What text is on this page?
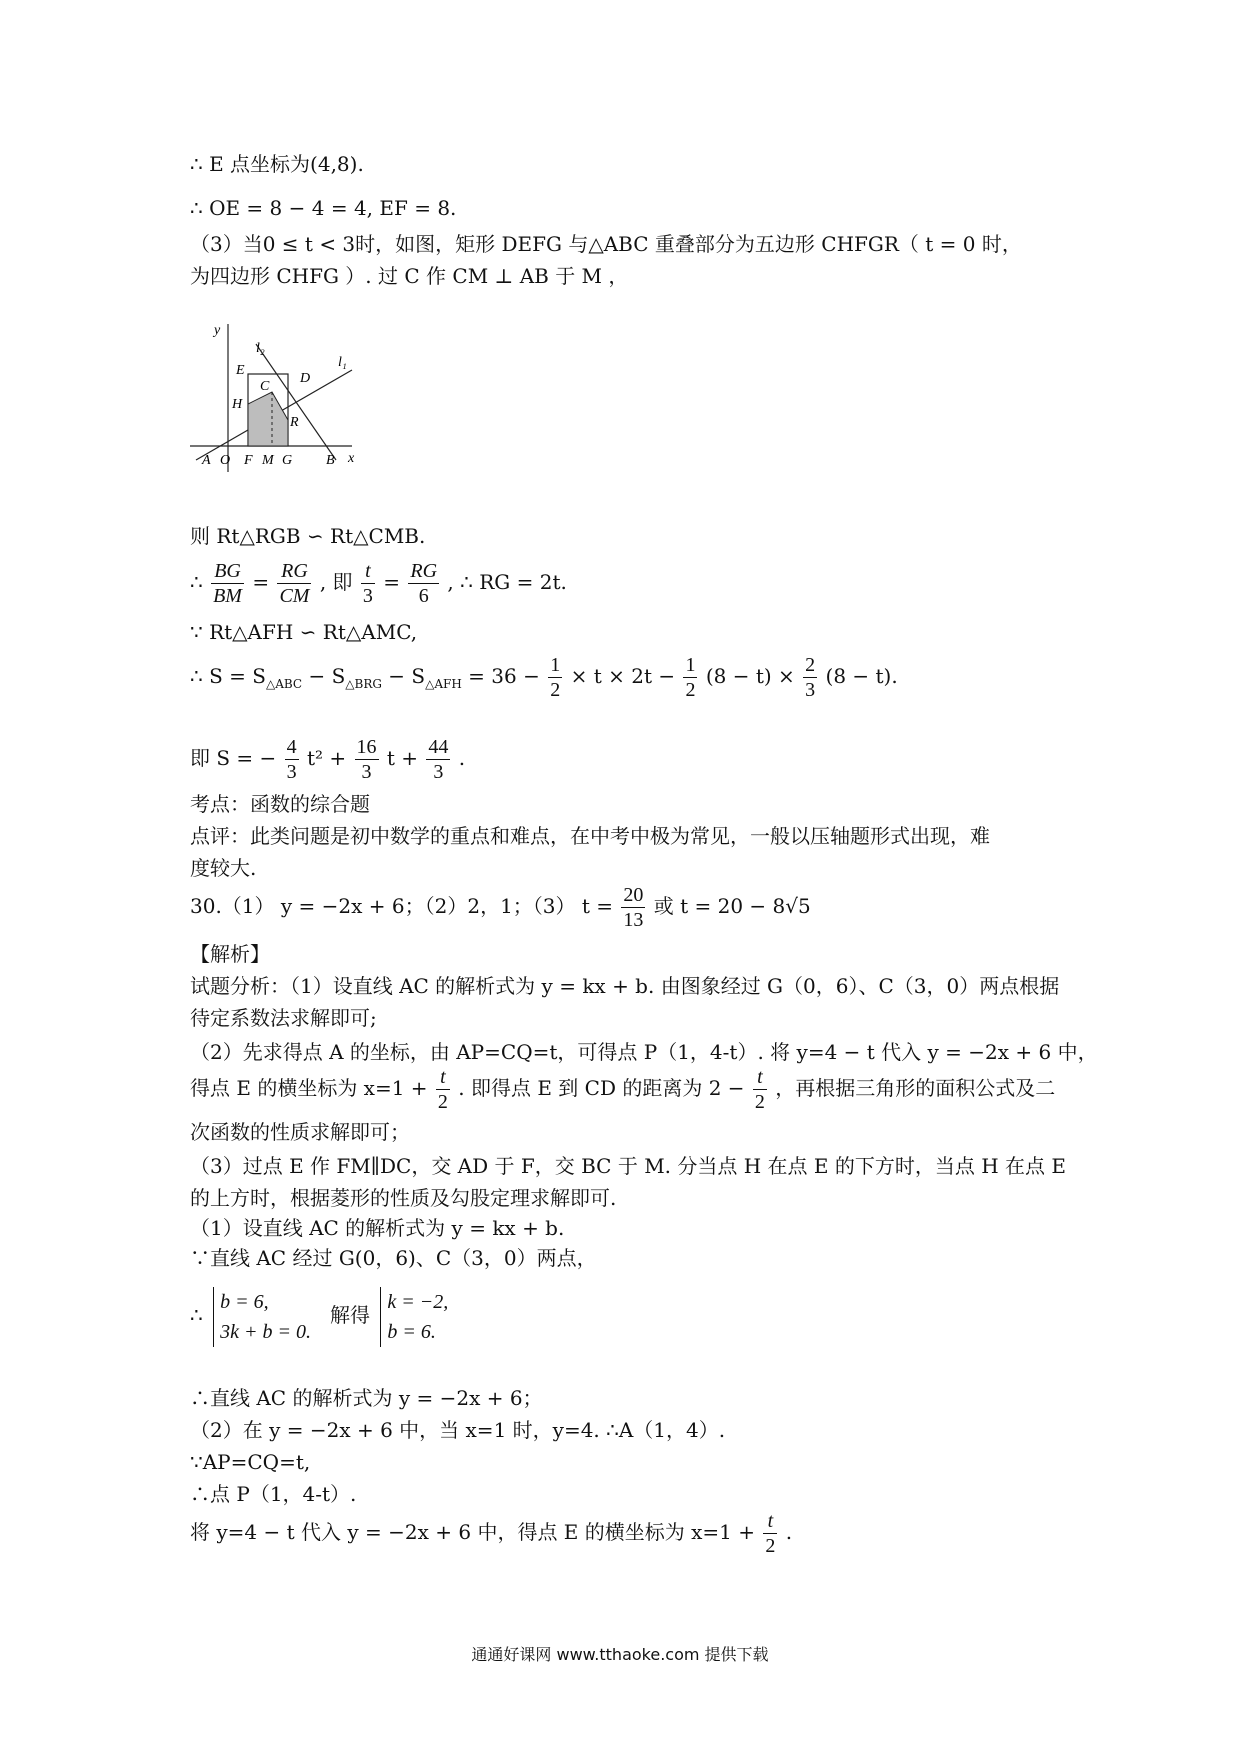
∴ E 点坐标为(4,8).
∴ OE = 8 − 4 = 4, EF = 8.
（3）当0 ≤ t < 3时，如图，矩形 DEFG 与△ABC 重叠部分为五边形 CHFGR（ t = 0 时，
为四边形 CHFG ）. 过 C 作 CM ⊥ AB 于 M ，
y
x
l₁
l₂
E
D
C
H
R
A O F M G B
则 Rt△RGB ∽ Rt△CMB.
∴ $\frac{BG}{BM} = \frac{RG}{CM}$ , 即 $\frac{t}{3} = \frac{RG}{6}$ , ∴ RG = 2t.
∵ Rt△AFH ∽ Rt△AMC,
∴ $S = S_{\triangle ABC} - S_{\triangle BRG} - S_{\triangle AFH} = 36 - \frac{1}{2} \times t \times 2t - \frac{1}{2} (8 - t) \times \frac{2}{3} (8 - t)$.
即 S = − $\frac{4}{3} t^2 + \frac{16}{3}$ $t + \frac{44}{3}$ .
考点：函数的综合题
点评：此类问题是初中数学的重点和难点，在中考中极为常见，一般以压轴题形式出现，难
度较大.
30.（1） y = −2x + 6；（2）2，1；（3） $t = \frac{20}{13}$ 或 t = 20 − 8√5
【解析】
试题分析：（1）设直线 AC 的解析式为 y = kx + b. 由图象经过 G（0，6）、C（3，0）两点根据
待定系数法求解即可;
（2）先求得点 A 的坐标，由 AP=CQ=t，可得点 P（1，4-t）. 将 y=4 − t 代入 y = −2x + 6 中，
得点 E 的横坐标为 $x=1 + \frac{t}{2}$ . 即得点 E 到 CD 的距离为 $2 - \frac{t}{2}$ ，再根据三角形的面积公式及二
次函数的性质求解即可；
（3）过点 E 作 FM∥DC，交 AD 于 F，交 BC 于 M. 分当点 H 在点 E 的下方时，当点 H 在点 E
的上方时，根据菱形的性质及勾股定理求解即可.
（1）设直线 AC 的解析式为 y = kx + b.
∵直线 AC 经过 G(0，6)、C（3，0）两点，
∴
b = 6,
3k + b = 0.
解得
k = −2,
b = 6.
∴直线 AC 的解析式为 y = −2x + 6；
（2）在 y = −2x + 6 中，当 x=1 时，y=4. ∴A（1，4）.
∵AP=CQ=t,
∴点 P（1，4-t）.
将 y=4 − t 代入 y = −2x + 6 中，得点 E 的横坐标为 $x=1 + \frac{t}{2}$ .
通通好课网 www.tthaoke.com 提供下载
